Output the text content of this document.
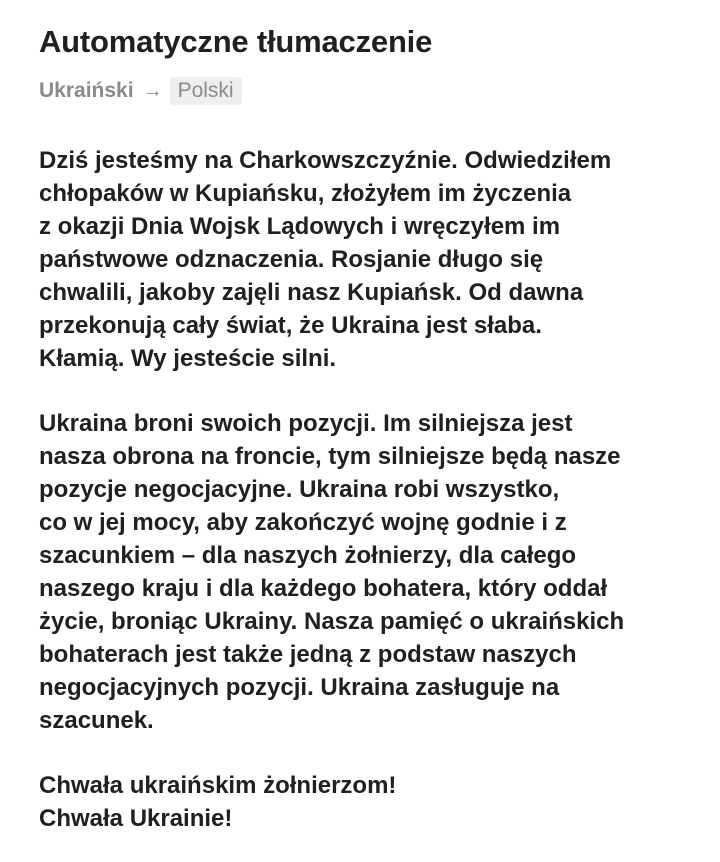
Automatyczne tłumaczenie
Ukraiński → Polski

Dziś jesteśmy na Charkowszczyźnie. Odwiedziłem
chłopaków w Kupiańsku, złożyłem im życzenia
z okazji Dnia Wojsk Lądowych i wręczyłem im
państwowe odznaczenia. Rosjanie długo się
chwalili, jakoby zajęli nasz Kupiańsk. Od dawna
przekonują cały świat, że Ukraina jest słaba.
Kłamią. Wy jesteście silni.

Ukraina broni swoich pozycji. Im silniejsza jest
nasza obrona na froncie, tym silniejsze będą nasze
pozycje negocjacyjne. Ukraina robi wszystko,
co w jej mocy, aby zakończyć wojnę godnie i z
szacunkiem – dla naszych żołnierzy, dla całego
naszego kraju i dla każdego bohatera, który oddał
życie, broniąc Ukrainy. Nasza pamięć o ukraińskich
bohaterach jest także jedną z podstaw naszych
negocjacyjnych pozycji. Ukraina zasługuje na
szacunek.

Chwała ukraińskim żołnierzom!
Chwała Ukrainie!
